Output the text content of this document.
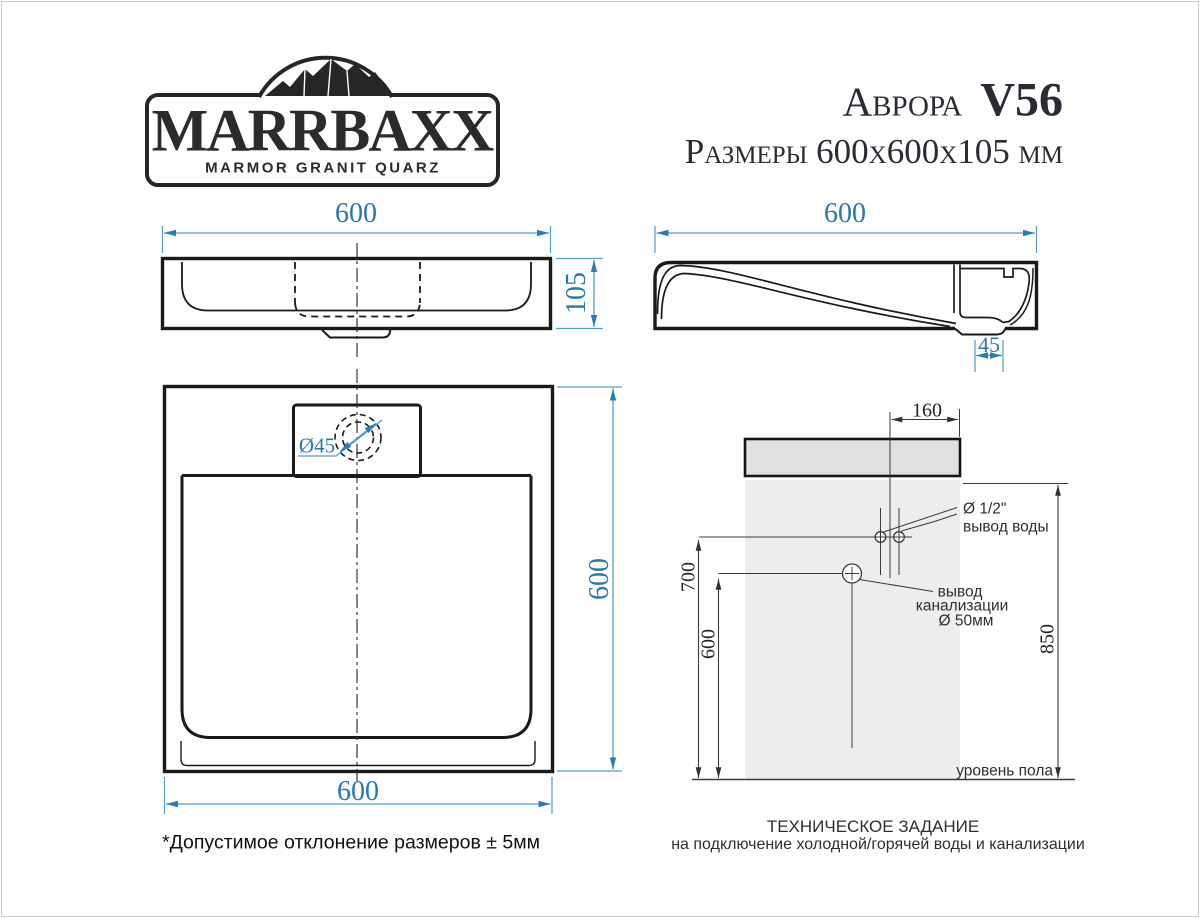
MARRBAXX
MARMOR GRANIT QUARZ
Аврора V56
Размеры 600х600х105 мм
600
105
600
45
Ø45
600
600
160
700
600	850
Ø 1/2"
вывод воды
вывод
канализации
Ø 50мм
уровень пола
*Допустимое отклонение размеров ± 5мм
ТЕХНИЧЕСКОЕ ЗАДАНИЕ
на подключение холодной/горячей воды и канализации
